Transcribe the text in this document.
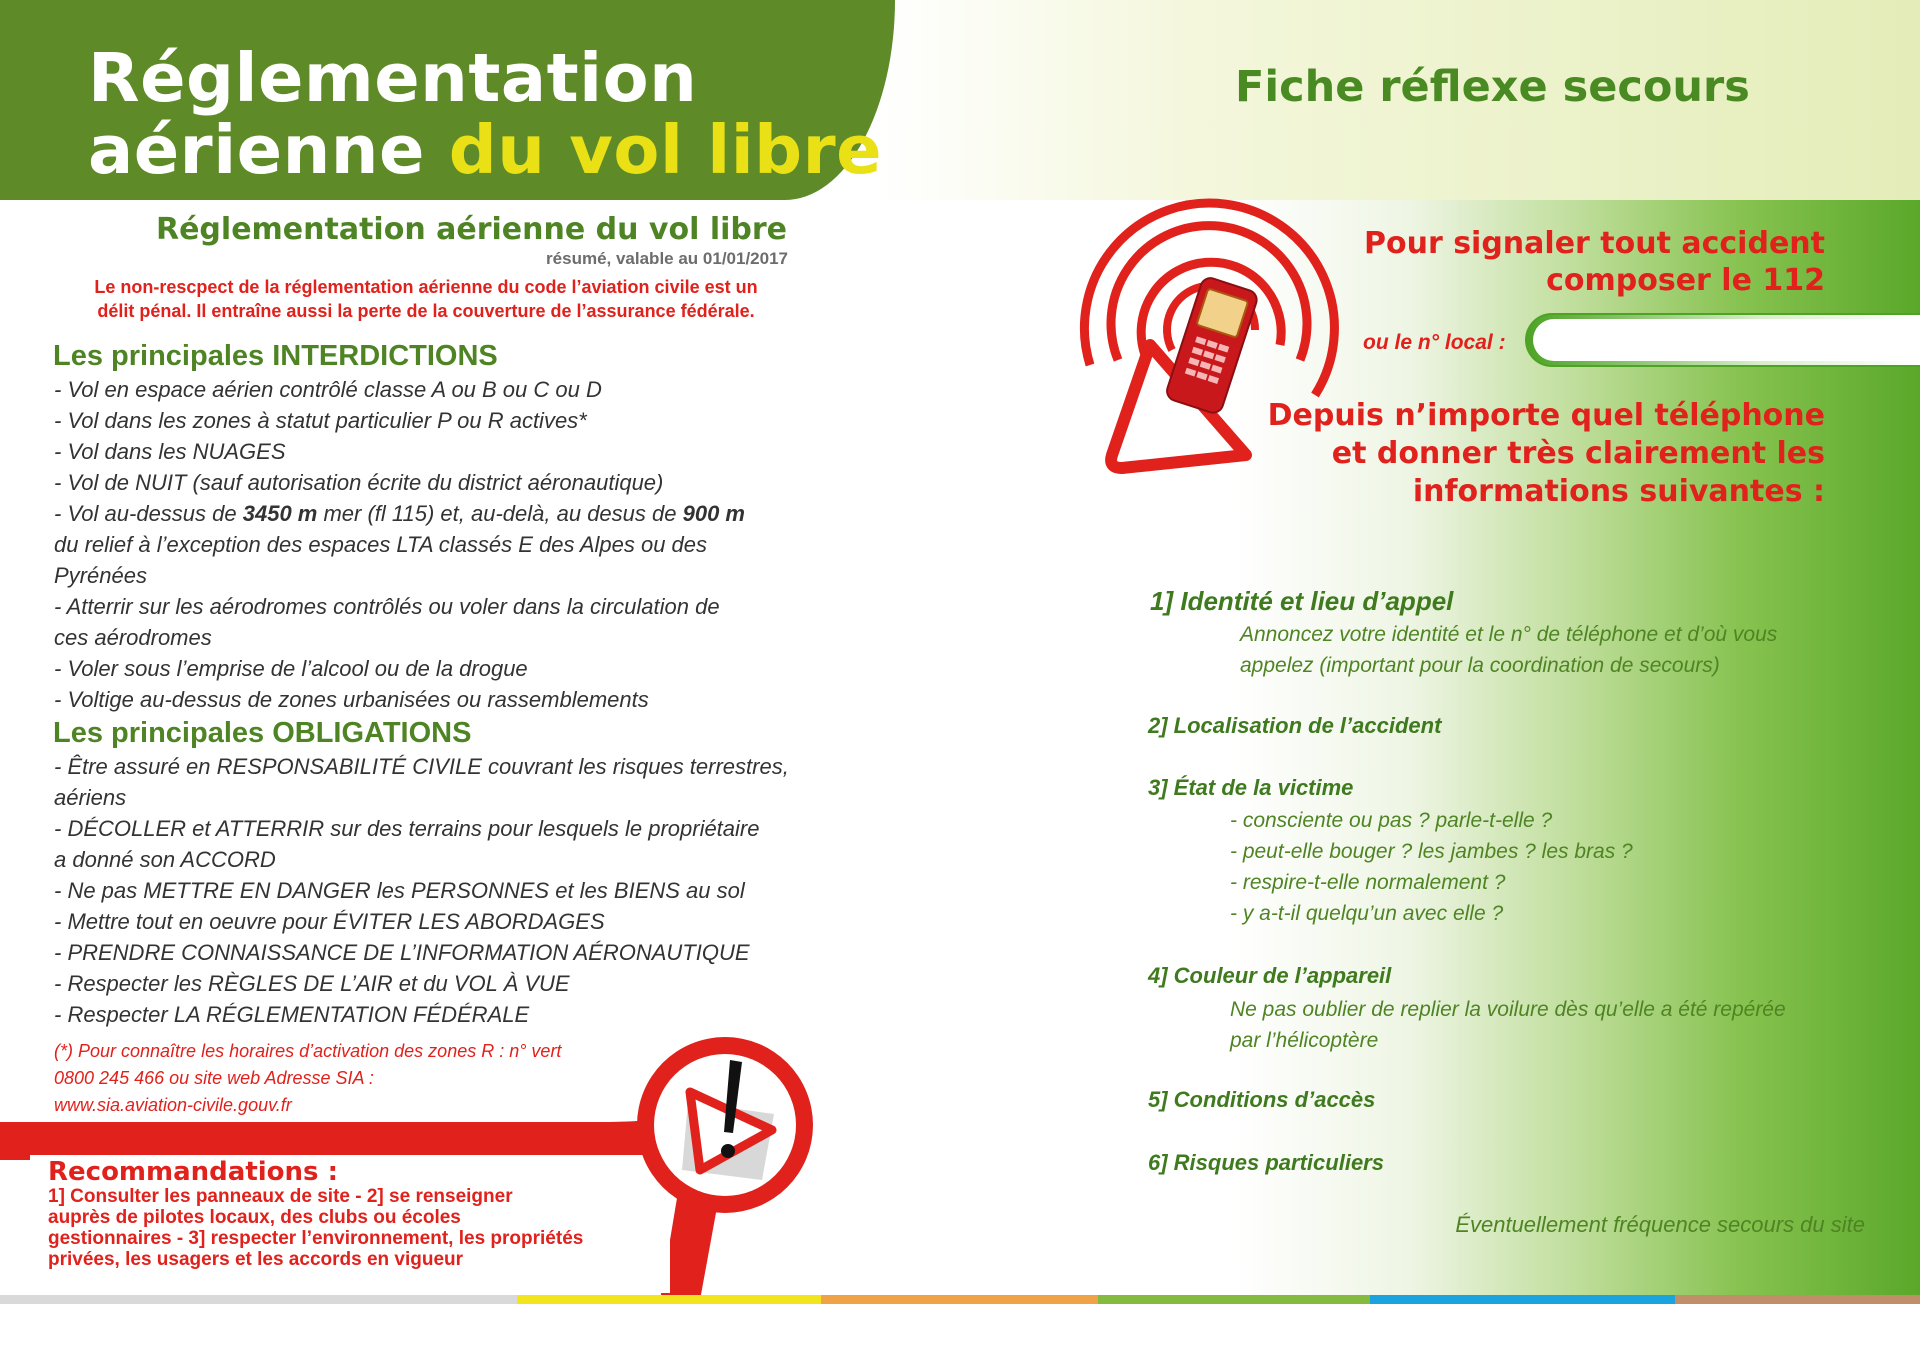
Réglementation
aérienne du vol libre
Fiche réflexe secours
Réglementation aérienne du vol libre
résumé, valable au 01/01/2017
Le non-rescpect de la réglementation aérienne du code l’aviation civile est un
délit pénal. Il entraîne aussi la perte de la couverture de l’assurance fédérale.
Les principales INTERDICTIONS
- Vol en espace aérien contrôlé classe A ou B ou C ou D
- Vol dans les zones à statut particulier P ou R actives*
- Vol dans les NUAGES
- Vol de NUIT (sauf autorisation écrite du district aéronautique)
- Vol au-dessus de 3450 m mer (fl 115) et, au-delà, au desus de 900 m
du relief à l’exception des espaces LTA classés E des Alpes ou des
Pyrénées
- Atterrir sur les aérodromes contrôlés ou voler dans la circulation de
ces aérodromes
- Voler sous l’emprise de l’alcool ou de la drogue
- Voltige au-dessus de zones urbanisées ou rassemblements
Les principales OBLIGATIONS
- Être assuré en RESPONSABILITÉ CIVILE couvrant les risques terrestres,
aériens
- DÉCOLLER et ATTERRIR sur des terrains pour lesquels le propriétaire
a donné son ACCORD
- Ne pas METTRE EN DANGER les PERSONNES et les BIENS au sol
- Mettre tout en oeuvre pour ÉVITER LES ABORDAGES
- PRENDRE CONNAISSANCE DE L’INFORMATION AÉRONAUTIQUE
- Respecter les RÈGLES DE L’AIR et du VOL À VUE
- Respecter LA RÉGLEMENTATION FÉDÉRALE
(*) Pour connaître les horaires d’activation des zones R : n° vert
0800 245 466 ou site web Adresse SIA :
www.sia.aviation-civile.gouv.fr
Recommandations :
1] Consulter les panneaux de site - 2] se renseigner
auprès de pilotes locaux, des clubs ou écoles
gestionnaires - 3] respecter l’environnement, les propriétés
privées, les usagers et les accords en vigueur
Pour signaler tout accident
composer le 112
ou le n° local :
Depuis n’importe quel téléphone
et donner très clairement les
informations suivantes :
1] Identité et lieu d’appel
Annoncez votre identité et le n° de téléphone et d’où vous
appelez (important pour la coordination de secours)
2] Localisation de l’accident
3] État de la victime
- consciente ou pas ? parle-t-elle ?
- peut-elle bouger ? les jambes ? les bras ?
- respire-t-elle normalement ?
- y a-t-il quelqu’un avec elle ?
4] Couleur de l’appareil
Ne pas oublier de replier la voilure dès qu’elle a été repérée
par l’hélicoptère
5] Conditions d’accès
6] Risques particuliers
Éventuellement fréquence secours du site
